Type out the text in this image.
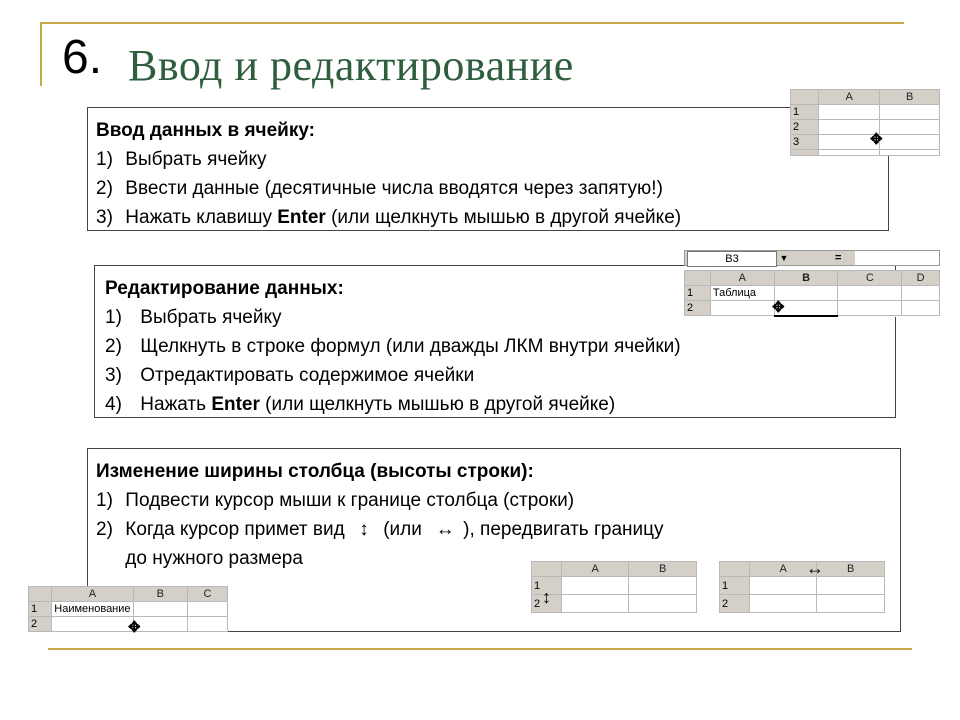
6. Ввод и редактирование
Ввод данных в ячейку:
1) Выбрать ячейку
2) Ввести данные (десятичные числа вводятся через запятую!)
3) Нажать клавишу Enter (или щелкнуть мышью в другой ячейке)
	A	B
1		
2		
3		
			✥
Редактирование данных:
1) Выбрать ячейку
2) Щелкнуть в строке формул (или дважды ЛКМ внутри ячейки)
3) Отредактировать содержимое ячейки
4) Нажать Enter (или щелкнуть мышью в другой ячейке)
B3	▼	=
	A	B	C	D
1	Таблица			
2					✥
Изменение ширины столбца (высоты строки):
1) Подвести курсор мыши к границе столбца (строки)
2) Когда курсор примет вид ↕ (или ↔ ), передвигать границу
до нужного размера
	A	B	C
1	Наименование		
2				✥
	A	B
1		
2		↕
	A	B
1		
2		
↔
